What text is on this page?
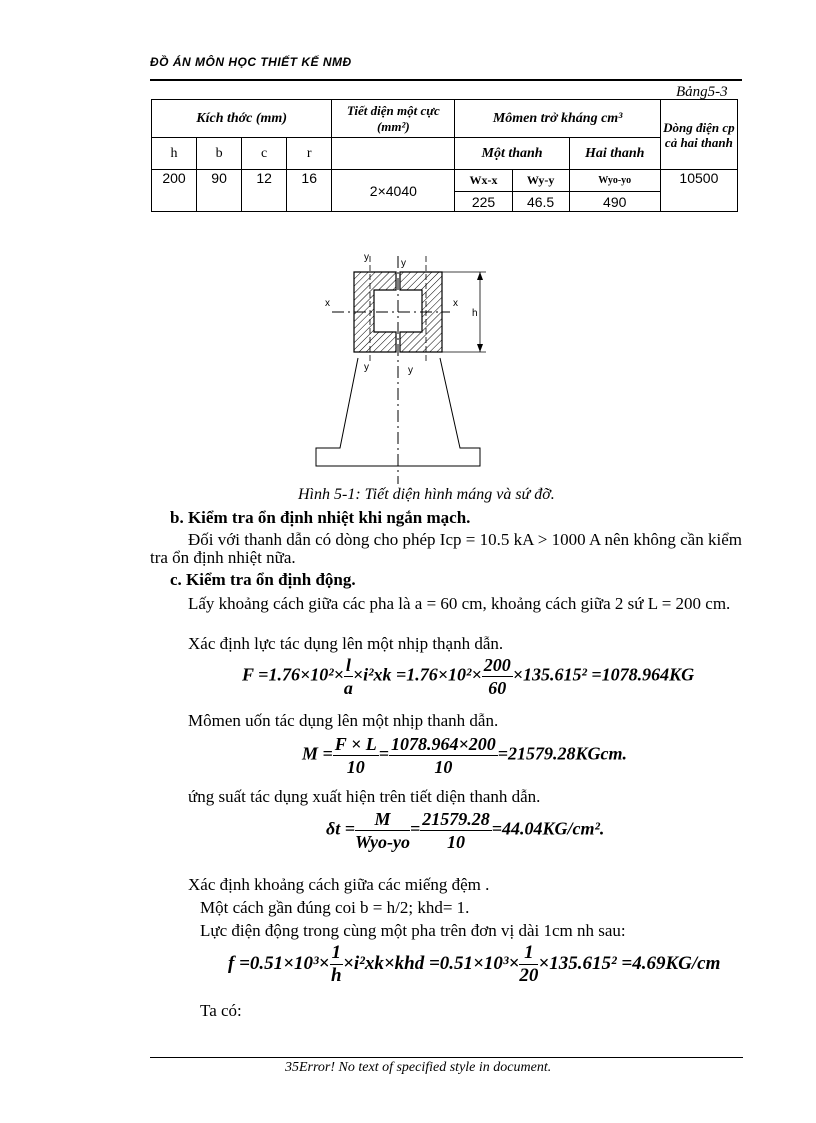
ĐỒ ÁN MÔN HỌC THIẾT KẾ NMĐ
Bảng5-3
Kích thớc (mm)				Tiết diện một cực (mm²)	Mômen trở kháng cm³			Dòng điện cp cả hai thanh
h	b	c	r		Một thanh		Hai thanh	
200	90	12	16	2×4040	Wx-x	Wy-y	Wyo-yo	10500
					225	46.5	490	
h
x	x
y
y
y	y
Hình 5-1: Tiết diện hình máng và sứ đỡ.
b. Kiểm tra ổn định nhiệt khi ngắn mạch.
Đối với thanh dẫn có dòng cho phép Icp = 10.5 kA > 1000 A nên không cần kiểm tra ổn định nhiệt nữa.
c. Kiểm tra ổn định động.
Lấy khoảng cách giữa các pha là a = 60 cm, khoảng cách giữa 2 sứ L = 200 cm.
Xác định lực tác dụng lên một nhịp thạnh dẫn.
$F =1.76\times 10^2\times \frac{l}{a} \times i^2xk =1.76\times 10^2\times \frac{200}{60} \times 135.615^2 =1078.964KG$
Mômen uốn tác dụng lên một nhịp thanh dẫn.
$M = \frac{F \times L}{10} = \frac{1078.964\times 200}{10}$ =21579.28KGcm.
ứng suất tác dụng xuất hiện trên tiết diện thanh dẫn.
$\delta t = \frac{M}{\text{Wyo-yo}} = \frac{21579.28}{10} =44.04KG/cm^2$.
Xác định khoảng cách giữa các miếng đệm .
Một cách gần đúng coi b = h/2; khd= 1.
Lực điện động trong cùng một pha trên đơn vị dài 1cm nh sau:
$f =0.51\times 10^3\times \frac{1}{h} \times i^2xk\times khd =0.51\times 10^3\times \frac{1}{20} \times 135.615^2 =4.69KG/cm$
Ta có:
35Error! No text of specified style in document.
